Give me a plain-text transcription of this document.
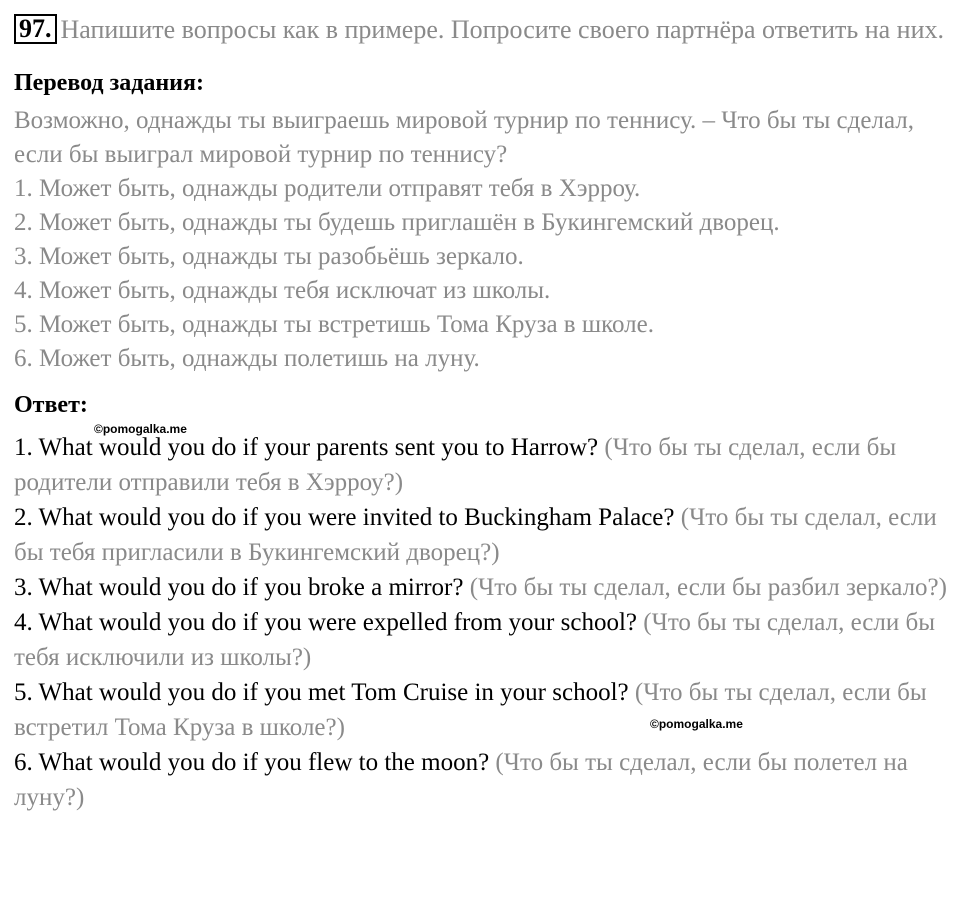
97. Напишите вопросы как в примере. Попросите своего партнёра ответить на них.

Перевод задания:

Возможно, однажды ты выиграешь мировой турнир по теннису. – Что бы ты сделал, если бы выиграл мировой турнир по теннису?

1. Может быть, однажды родители отправят тебя в Хэрроу.

2. Может быть, однажды ты будешь приглашён в Букингемский дворец.

3. Может быть, однажды ты разобьёшь зеркало.

4. Может быть, однажды тебя исключат из школы.

5. Может быть, однажды ты встретишь Тома Круза в школе.

6. Может быть, однажды полетишь на луну.

Ответ:
©pomogalka.me
1. What would you do if your parents sent you to Harrow? (Что бы ты сделал, если бы родители отправили тебя в Хэрроу?)
2. What would you do if you were invited to Buckingham Palace? (Что бы ты сделал, если бы тебя пригласили в Букингемский дворец?)
3. What would you do if you broke a mirror? (Что бы ты сделал, если бы разбил зеркало?)
4. What would you do if you were expelled from your school? (Что бы ты сделал, если бы тебя исключили из школы?)
5. What would you do if you met Tom Cruise in your school? (Что бы ты сделал, если бы встретил Тома Круза в школе?)
6. What would you do if you flew to the moon? (Что бы ты сделал, если бы полетел на луну?)
©pomogalka.me
